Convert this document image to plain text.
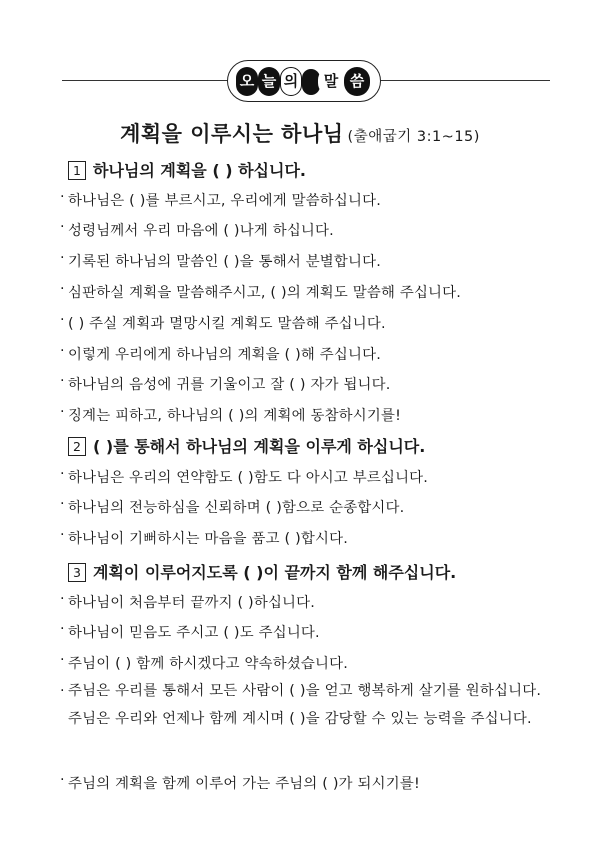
오 늘 의	말 씀
계획을 이루시는 하나님 (출애굽기 3:1~15)
1 하나님의 계획을 ( ) 하십니다.
· 하나님은 ( )를 부르시고, 우리에게 말씀하십니다.
· 성령님께서 우리 마음에 ( )나게 하십니다.
· 기록된 하나님의 말씀인 ( )을 통해서 분별합니다.
· 심판하실 계획을 말씀해주시고, ( )의 계획도 말씀해 주십니다.
· ( ) 주실 계획과 멸망시킬 계획도 말씀해 주십니다.
· 이렇게 우리에게 하나님의 계획을 ( )해 주십니다.
· 하나님의 음성에 귀를 기울이고 잘 ( ) 자가 됩니다.
· 징계는 피하고, 하나님의 ( )의 계획에 동참하시기를!
2 ( )를 통해서 하나님의 계획을 이루게 하십니다.
· 하나님은 우리의 연약함도 ( )함도 다 아시고 부르십니다.
· 하나님의 전능하심을 신뢰하며 ( )함으로 순종합시다.
· 하나님이 기뻐하시는 마음을 품고 ( )합시다.
3 계획이 이루어지도록 ( )이 끝까지 함께 해주십니다.
· 하나님이 처음부터 끝까지 ( )하십니다.
· 하나님이 믿음도 주시고 ( )도 주십니다.
· 주님이 ( ) 함께 하시겠다고 약속하셨습니다.
· 주님은 우리를 통해서 모든 사람이 ( )을 얻고 행복하게 살기를 원하십니다. 주님은 우리와 언제나 함께 계시며 ( )을 감당할 수 있는 능력을 주십니다.
· 주님의 계획을 함께 이루어 가는 주님의 ( )가 되시기를!
